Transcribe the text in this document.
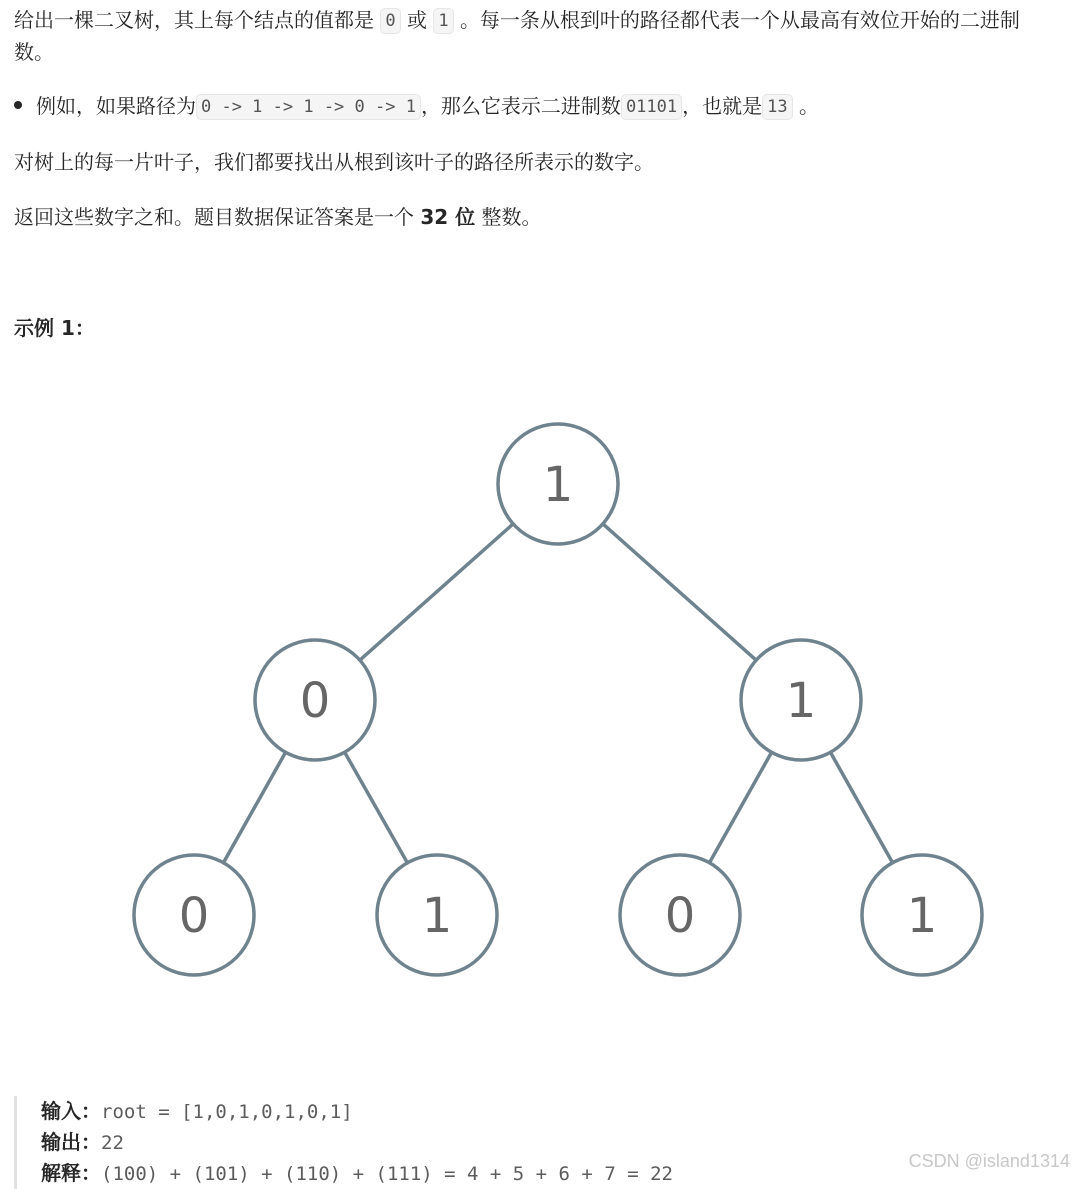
给出一棵二叉树，其上每个结点的值都是 0 或 1 。每一条从根到叶的路径都代表一个从最高有效位开始的二进制

数。

例如，如果路径为 0 -> 1 -> 1 -> 0 -> 1 ，那么它表示二进制数 01101 ，也就是 13 。

对树上的每一片叶子，我们都要找出从根到该叶子的路径所表示的数字。

返回这些数字之和。题目数据保证答案是一个 32 位 整数。

示例 1：

1
0	1
0	1	0	1
输入：root = [1,0,1,0,1,0,1]
输出：22
解释：(100) + (101) + (110) + (111) = 4 + 5 + 6 + 7 = 22
CSDN @island1314
